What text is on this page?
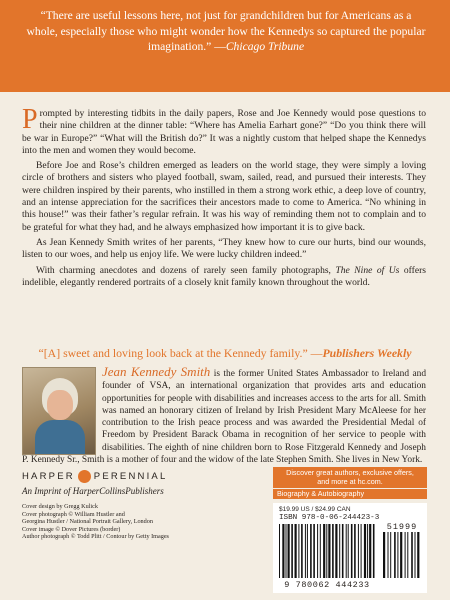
“There are useful lessons here, not just for grandchildren but for Americans as a whole, especially those who might wonder how the Kennedys so captured the popular imagination.” —Chicago Tribune

Prompted by interesting tidbits in the daily papers, Rose and Joe Kennedy would pose questions to their nine children at the dinner table: “Where has Amelia Earhart gone?” “Do you think there will be war in Europe?” “What will the British do?” It was a nightly custom that helped shape the Kennedys into the men and women they would become.

Before Joe and Rose’s children emerged as leaders on the world stage, they were simply a loving circle of brothers and sisters who played football, swam, sailed, read, and pursued their interests. They were children inspired by their parents, who instilled in them a strong work ethic, a deep love of country, and an intense appreciation for the sacrifices their ancestors made to come to America. “No whining in this house!” was their father’s regular refrain. It was his way of reminding them not to complain and to be grateful for what they had, and he always emphasized how important it is to give back.

As Jean Kennedy Smith writes of her parents, “They knew how to cure our hurts, bind our wounds, listen to our woes, and help us enjoy life. We were lucky children indeed.”

With charming anecdotes and dozens of rarely seen family photographs, The Nine of Us offers indelible, elegantly rendered portraits of a closely knit family known throughout the world.

“[A] sweet and loving look back at the Kennedy family.” —Publishers Weekly
Jean Kennedy Smith is the former United States Ambassador to Ireland and founder of VSA, an international organization that provides arts and education opportunities for people with disabilities and increases access to the arts for all. Smith was named an honorary citizen of Ireland by Irish President Mary McAleese for her contribution to the Irish peace process and was awarded the Presidential Medal of Freedom by President Barack Obama in recognition of her service to people with disabilities. The eighth of nine children born to Rose Fitzgerald Kennedy and Joseph P. Kennedy Sr., Smith is a mother of four and the widow of the late Stephen Smith. She lives in New York.
HARPER PERENNIAL
An Imprint of HarperCollinsPublishers
Cover design by Gregg Kulick
Cover photograph © William Hustler and
Georgina Hustler / National Portrait Gallery, London
Cover image © Dover Pictures (border)
Author photograph © Todd Plitt / Contour by Getty Images
Discover great authors, exclusive offers,
and more at hc.com.
Biography & Autobiography
$19.99 US / $24.99 CAN
ISBN 978-0-06-244423-3
51999
9 780062 444233
